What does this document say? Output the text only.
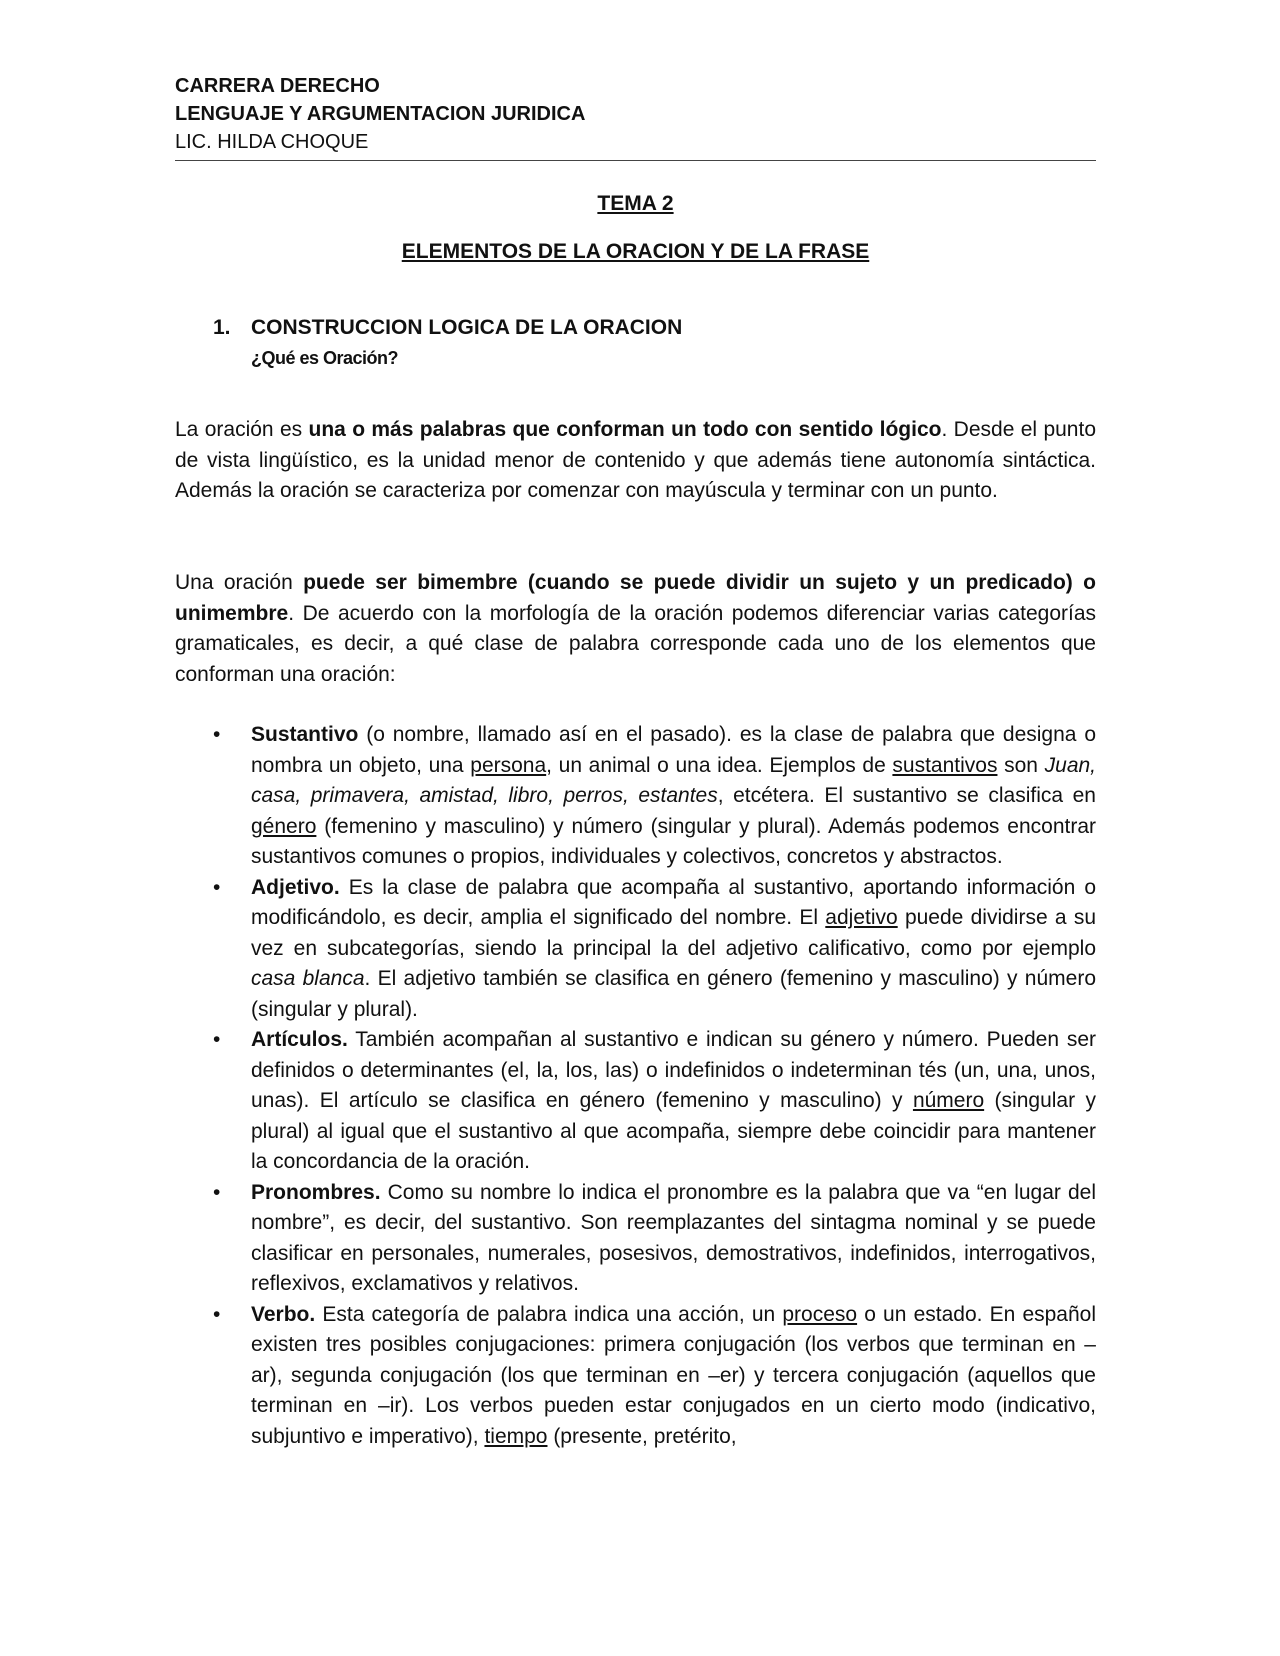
CARRERA DERECHO
LENGUAJE Y ARGUMENTACION JURIDICA
LIC. HILDA CHOQUE
TEMA 2
ELEMENTOS DE LA ORACION Y DE LA FRASE
1. CONSTRUCCION LOGICA DE LA ORACION
¿Qué es Oración?

La oración es una o más palabras que conforman un todo con sentido lógico. Desde el punto de vista lingüístico, es la unidad menor de contenido y que además tiene autonomía sintáctica. Además la oración se caracteriza por comenzar con mayúscula y terminar con un punto.

Una oración puede ser bimembre (cuando se puede dividir un sujeto y un predicado) o unimembre. De acuerdo con la morfología de la oración podemos diferenciar varias categorías gramaticales, es decir, a qué clase de palabra corresponde cada uno de los elementos que conforman una oración:

• Sustantivo (o nombre, llamado así en el pasado). es la clase de palabra que designa o nombra un objeto, una persona, un animal o una idea. Ejemplos de sustantivos son Juan, casa, primavera, amistad, libro, perros, estantes, etcétera. El sustantivo se clasifica en género (femenino y masculino) y número (singular y plural). Además podemos encontrar sustantivos comunes o propios, individuales y colectivos, concretos y abstractos.
• Adjetivo. Es la clase de palabra que acompaña al sustantivo, aportando información o modificándolo, es decir, amplia el significado del nombre. El adjetivo puede dividirse a su vez en subcategorías, siendo la principal la del adjetivo calificativo, como por ejemplo casa blanca. El adjetivo también se clasifica en género (femenino y masculino) y número (singular y plural).
• Artículos. También acompañan al sustantivo e indican su género y número. Pueden ser definidos o determinantes (el, la, los, las) o indefinidos o indeterminan tés (un, una, unos, unas). El artículo se clasifica en género (femenino y masculino) y número (singular y plural) al igual que el sustantivo al que acompaña, siempre debe coincidir para mantener la concordancia de la oración.
• Pronombres. Como su nombre lo indica el pronombre es la palabra que va “en lugar del nombre”, es decir, del sustantivo. Son reemplazantes del sintagma nominal y se puede clasificar en personales, numerales, posesivos, demostrativos, indefinidos, interrogativos, reflexivos, exclamativos y relativos.
• Verbo. Esta categoría de palabra indica una acción, un proceso o un estado. En español existen tres posibles conjugaciones: primera conjugación (los verbos que terminan en –ar), segunda conjugación (los que terminan en –er) y tercera conjugación (aquellos que terminan en –ir). Los verbos pueden estar conjugados en un cierto modo (indicativo, subjuntivo e imperativo), tiempo (presente, pretérito,
